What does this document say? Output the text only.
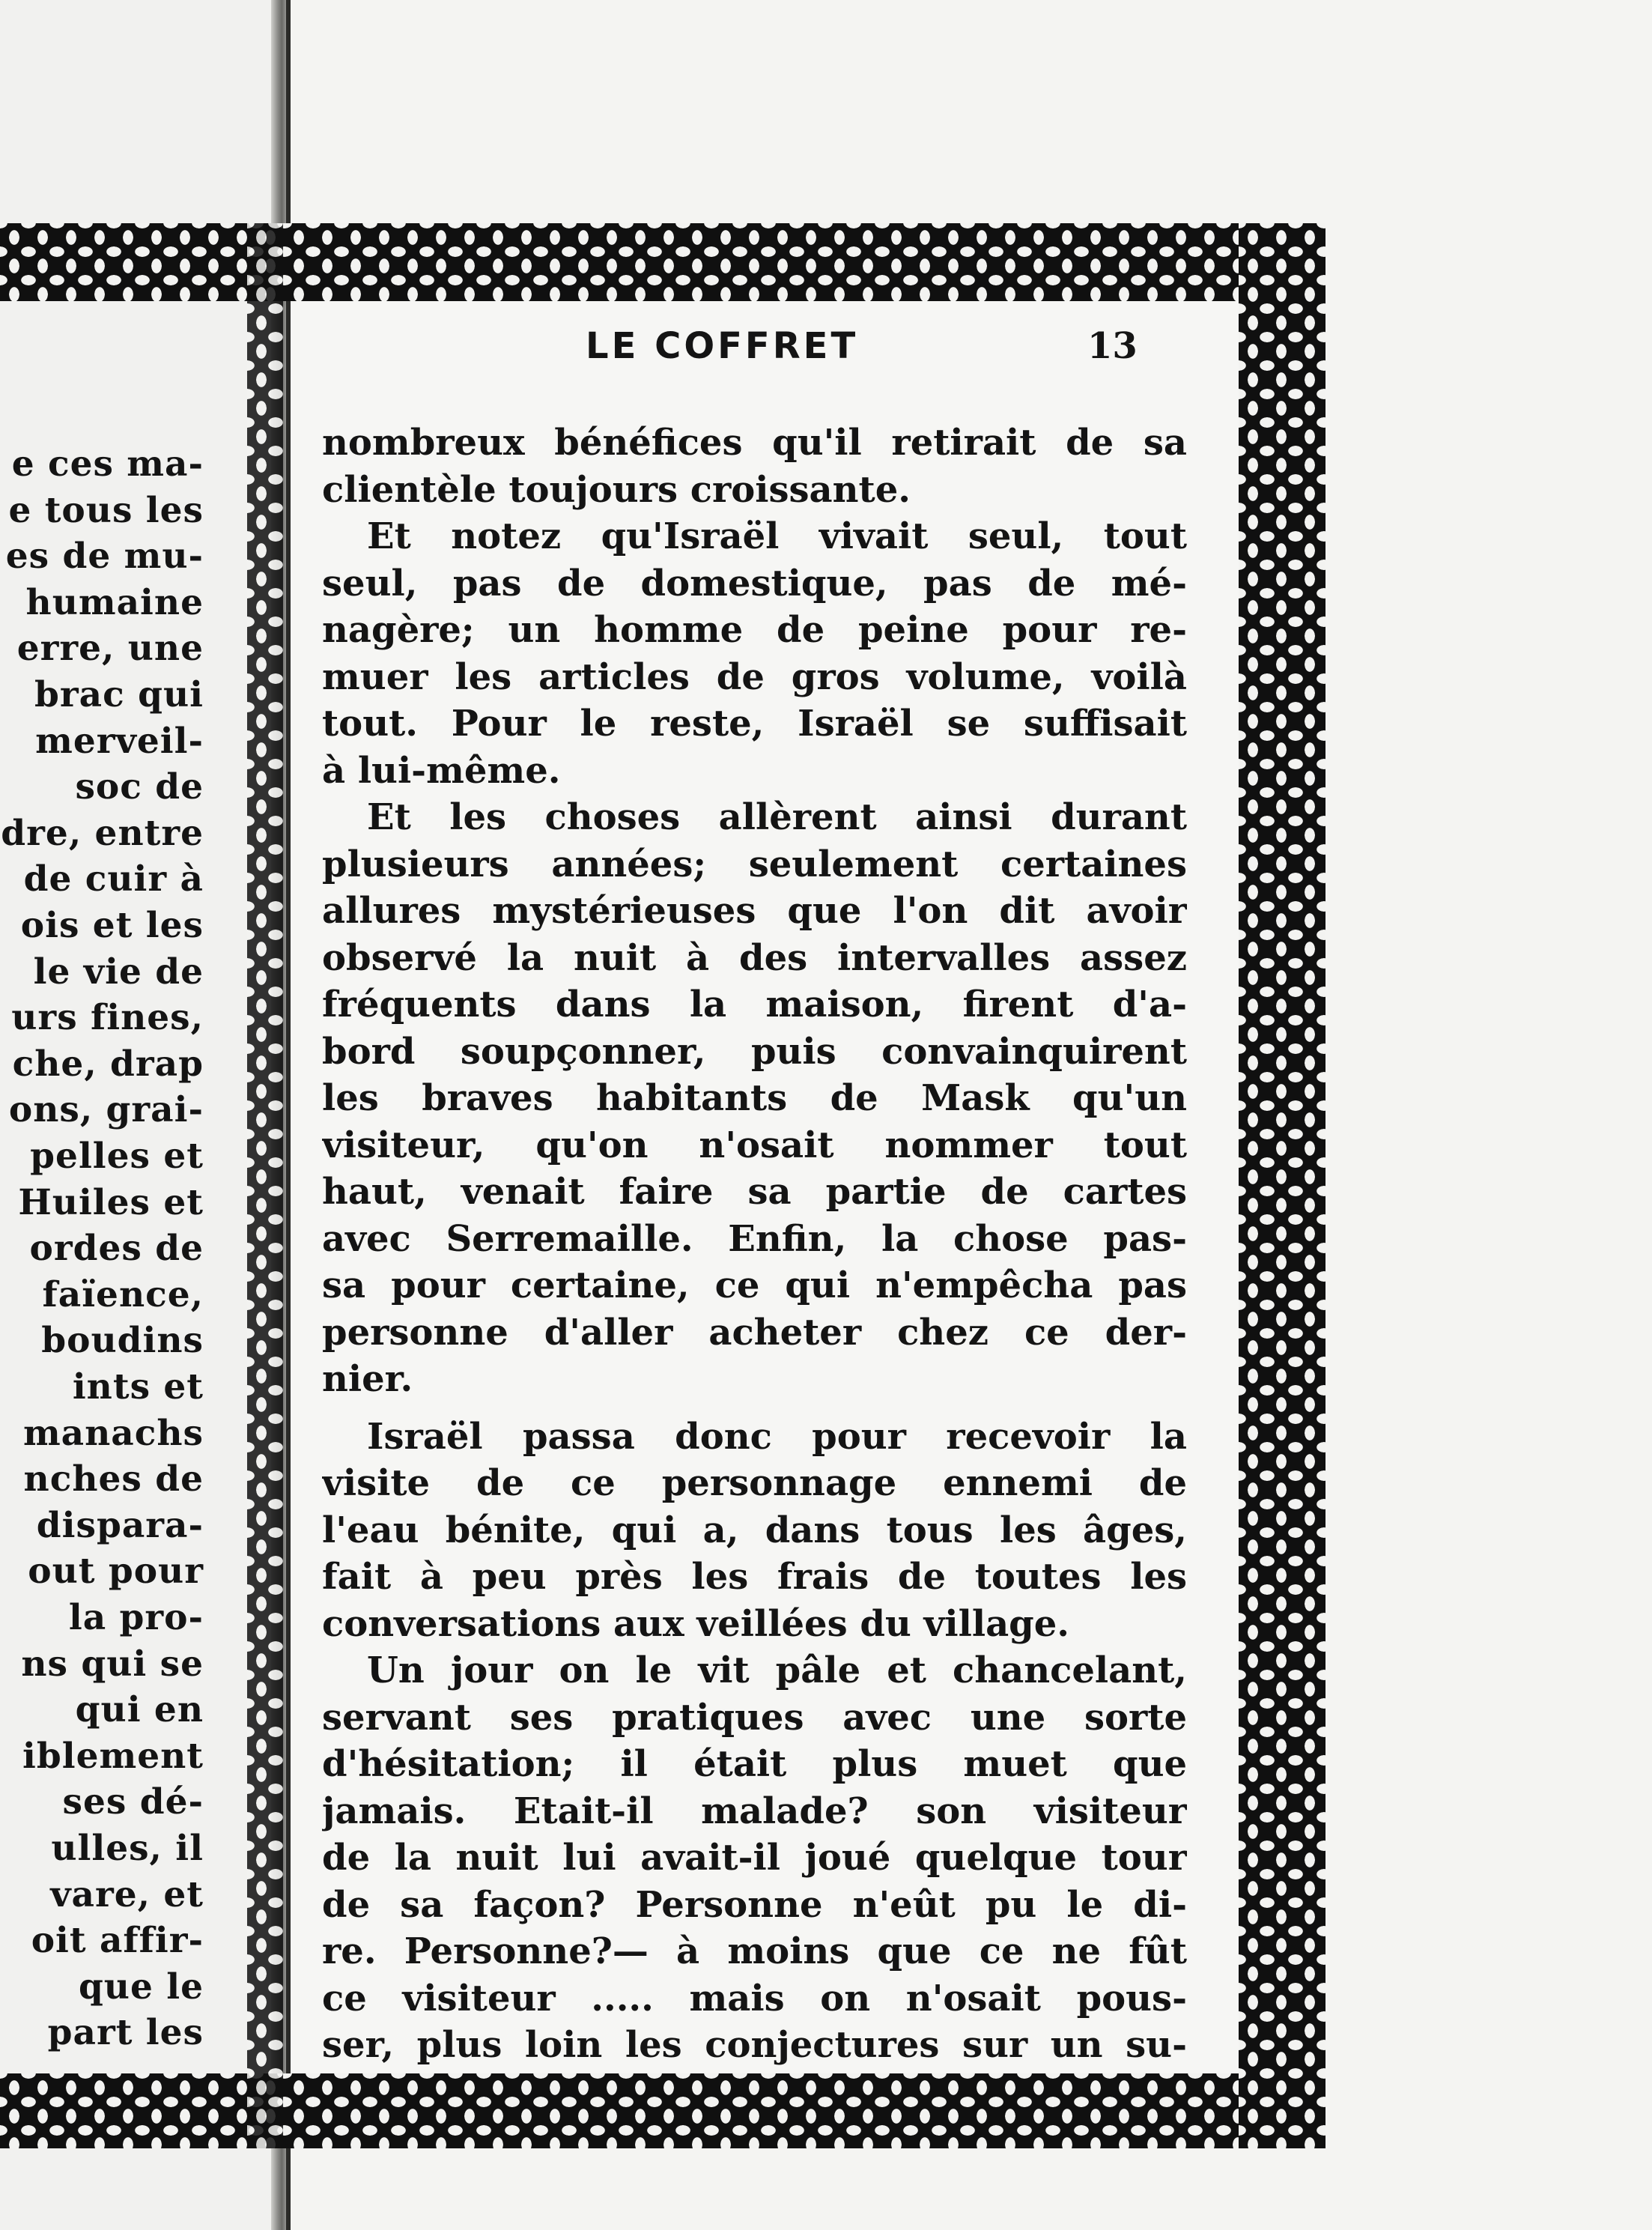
e ces ma-
e tous les
es de mu-
humaine
erre, une
brac qui
merveil-
soc de
dre, entre
de cuir à
ois et les
le vie de
urs fines,
che, drap
ons, grai-
pelles et
Huiles et
ordes de
faïence,
boudins
ints et
manachs
nches de
dispara-
out pour
la pro-
ns qui se
qui en
iblement
ses dé-
ulles, il
vare, et
oit affir-
que le
part les
LE COFFRET	13
nombreux bénéfices qu'il retirait de sa
clientèle toujours croissante.
Et notez qu'Israël vivait seul, tout
seul, pas de domestique, pas de mé-
nagère; un homme de peine pour re-
muer les articles de gros volume, voilà
tout. Pour le reste, Israël se suffisait
à lui-même.
Et les choses allèrent ainsi durant
plusieurs années; seulement certaines
allures mystérieuses que l'on dit avoir
observé la nuit à des intervalles assez
fréquents dans la maison, firent d'a-
bord soupçonner, puis convainquirent
les braves habitants de Mask qu'un
visiteur, qu'on n'osait nommer tout
haut, venait faire sa partie de cartes
avec Serremaille. Enfin, la chose pas-
sa pour certaine, ce qui n'empêcha pas
personne d'aller acheter chez ce der-
nier.
Israël passa donc pour recevoir la
visite de ce personnage ennemi de
l'eau bénite, qui a, dans tous les âges,
fait à peu près les frais de toutes les
conversations aux veillées du village.
Un jour on le vit pâle et chancelant,
servant ses pratiques avec une sorte
d'hésitation; il était plus muet que
jamais. Etait-il malade? son visiteur
de la nuit lui avait-il joué quelque tour
de sa façon? Personne n'eût pu le di-
re. Personne?— à moins que ce ne fût
ce visiteur ..... mais on n'osait pous-
ser, plus loin les conjectures sur un su-
